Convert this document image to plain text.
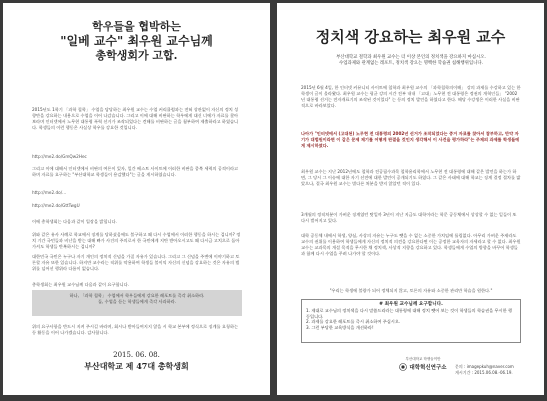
학우들을 협박하는

"일베 교수" 최우원 교수님께

총학생회가 고합.

2015년도 1학기 「과학 철학」 수업을 담당하는 최우원 교수는 수업 커리큘럼과는 전혀 상관없이 자신의 정치 성향만을 강요하는 내용으로 수업을 이어 나갔습니다. 그리고 이에 대해 비판하는 학우에게 대신 너에가 자료를 찾아 보라며 인터넷에서 노무현 대통령 폭력 선거가 조작되었다는 견해를 비판하는 글을 첨부하여 제출하라고 하였습니다. 학생들의 이런 행동은 사실상 학우를 강요한 것입니다.

http://me2.do/GmQw2Hec

그리고 이에 대해서 인터넷에서 비판의 여론이 있자, 일간 베스트 사이트에 이러한 비판을 종북 세력의 공격이라고 하며 자료를 요구하는 "부산대학교 학생들이 용감했다"는 글을 게시하였습니다.

http://me2.do/...

http://me2.do/GttTwgU

이에 총학생회는 다음과 같이 입장을 밝힙니다.

위와 같은 유사 사례로 학교에서 징계를 당하셨음에도 불구하고 왜 다시 수업에서 이러한 행동을 하시는 겁니까? 정치 기간 국민들과 비난을 받는 대해 빠가 사건의 주의로서 한 국민에게 지탄 받아오시고도 왜 다시금 고치으로 돌아가셔도 학생들 반복하시는 겁니까?

대한민국 국민은 누구나 자기 개인의 정치적 신념을 가질 자유가 있습니다. 그리고 그 신념을 주변에 이야기하고 토론할 자유 또한 있습니다. 하지만 교수라는 직위를 악용하여 학생들 불이익 자신의 신념을 강요하는 것은 자유의 범위를 넘어선 행위라 다름이 없습니다.

총학생회는 최우원 교수님께 다음과 같이 요구합니다.

하나, 「과학 철학」 수업에서 학우들에게 강요한 레포트를 즉각 취소하라.

둘, 수업을 듣는 학생들에게 즉각 사과하라.

위의 요구사항을 반드시 지켜 주시길 바라며, 회시나 받아들여지지 않을 시 학교 본부에 정식으로 징계를 요청하는 등 활동을 이어 나가겠습니다. 감사합니다.

2015. 06. 08.

부산대학교 제 47대 총학생회

정치색 강요하는 최우원 교수

부산대학교 철학과 최우원 교수는 더 이상 본인의 정치색을 강요하지 마십시오.

수업과제와 관계없는 레포트, 정치색 강요는 명백한 학습권 침해행위입니다.

2015년 6월 4일, 한 인터넷 커뮤니티 사이트에 철학과 최우원 교수의 「과학철학의이해」 강의 과제를 수강하고 있는 한 학생이 글이 올라왔다. 최우원 교수는 평균 강의 시간 전부 내내 「고대」노무현 전 대통령은 정권의 개혁인들」 "2002년 대통령 선거는 전자개표기의 조작된 것이었다" 는 등의 정치 발언을 하였다고 한다. 해당 수강생은 이러한 사실을 비판적으로 바라보았다.

나아가 "인터넷에서 (고대된) 노무현 전 대통령의 2002년 선거가 조작되었다는 증거 자료를 찾아서 참부하고, 만약 자기가 대법원이라면 이 같은 문제 제기를 어떻게 판결을 것인지 생각해서 이 사건을 평가하라"는 주제의 과제를 학생들에게 제시하였다.

최우원 교수는 지난 2012년에도 철학과 전공필수과목 철학윤리학에서 노무현 전 대통령에 대해 같은 발언을 하는가 하면, 그 당시 그 이슈에 대한 자기 선전에 대한 발언이 공개되기도 하였다. 그 같은 사태에 대해 학교는 징계 결정 절차를 밟았으나, 결국 최우원 교수는 별다른 처분을 받지 않았던 적이 있다.

3개월의 정직처분이 가벼운 징계였던 탓일까 3년이 지난 지금도 대학이라는 학문 공동체에서 상상할 수 없는 일들이 또 다시 벌어지고 있다.

대학 공동체 내에서 학생, 양심, 사상의 자유는 누구도 뺏을 수 없는 소중한 가치임에 틀림없다. 아무리 가벼운 주제라도 교수의 권위를 이용하여 학생들에게 자신의 정치적 의견을 강요한다면 이는 공정한 교육자의 자세라고 할 수 없다. 최우원 교수는 교과목의 개설 목적을 무시한 채 정치색, 사상적 지향을 강요하고 있다. 학생들에게 수업의 방향을 바꾸어 학생들과 함께 다시 수업을 꾸려 나가야 할 것이다.

"우리는 학생에 불량가 되어 정체되지 않고, 토론의 자유와 소중한 관리만 학습을 원한다."

# 최우원 교수님께 요구합니다.

1. 제대로 교수님의 정치색을 다시 말씀드리라는 대통령에 대해 정치 뺏어 보는 것이 학생들의 학습권을 무시한 행동입니다.

2. 과제를 강요한 레포트를 즉시 취소하여 주십시오.

3. 그런 부당한 교육방식을 개선하라!

부산대학교 학생들이만

대학혁신연구소 문의 : imagepkuh@naver.com

게시기간 : 2015.06.08.-06.19.
